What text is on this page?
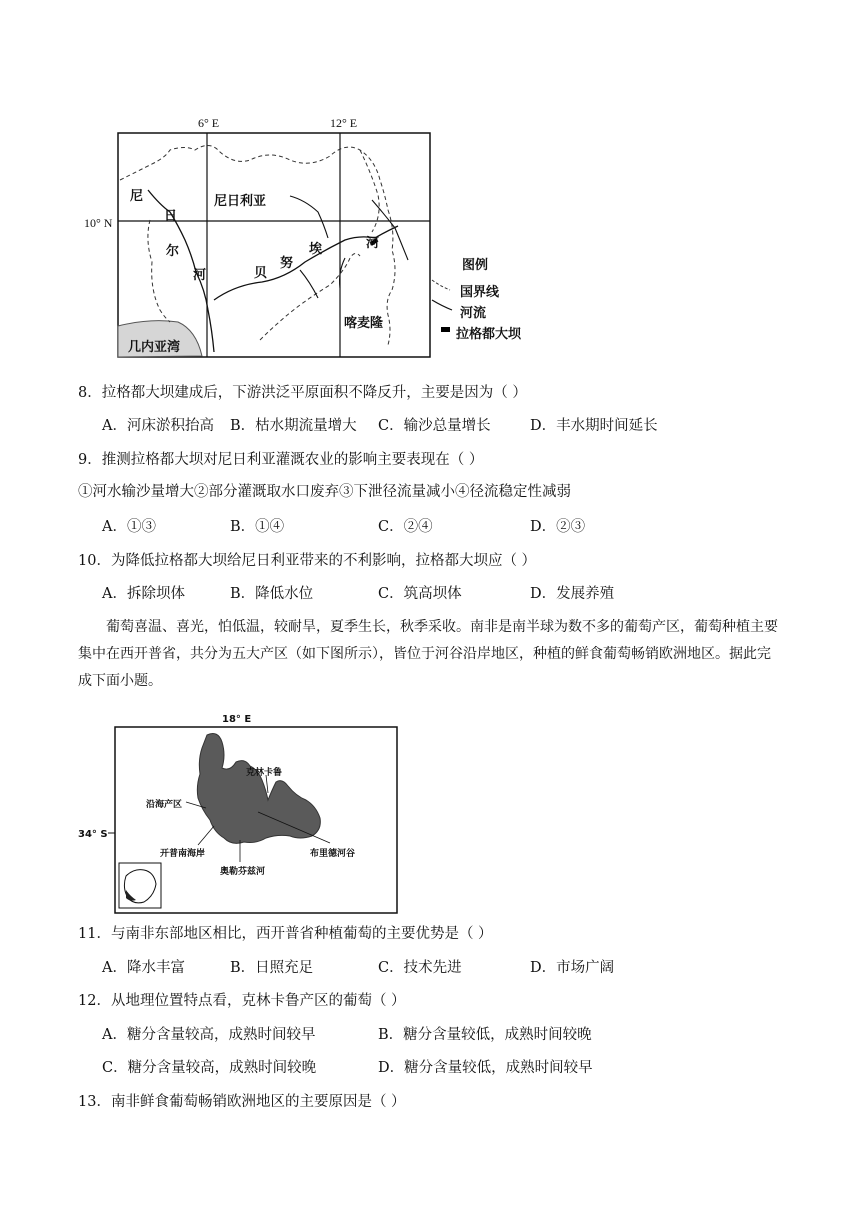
6° E	12° E
10° N
尼
日
尔
河
尼日利亚
贝
努
埃	河
喀麦隆
几内亚湾
图例
国界线
河流
拉格都大坝
8．拉格都大坝建成后，下游洪泛平原面积不降反升，主要是因为（ ）
A．河床淤积抬高 B．枯水期流量增大 C．输沙总量增长	D．丰水期时间延长
9．推测拉格都大坝对尼日利亚灌溉农业的影响主要表现在（ ）
①河水输沙量增大②部分灌溉取水口废弃③下泄径流量减小④径流稳定性减弱
A．①③	B．①④	C．②④	D．②③
10．为降低拉格都大坝给尼日利亚带来的不利影响，拉格都大坝应（ ）
A．拆除坝体	B．降低水位	C．筑高坝体	D．发展养殖
葡萄喜温、喜光，怕低温，较耐旱，夏季生长，秋季采收。南非是南半球为数不多的葡萄产区，葡萄种植主要集中在西开普省，共分为五大产区（如下图所示），皆位于河谷沿岸地区，种植的鲜食葡萄畅销欧洲地区。据此完成下面小题。
18° E
34° S
克林卡鲁
沿海产区
开普南海岸
奥勒芬兹河
布里德河谷
11．与南非东部地区相比，西开普省种植葡萄的主要优势是（ ）
A．降水丰富	B．日照充足	C．技术先进	D．市场广阔
12．从地理位置特点看，克林卡鲁产区的葡萄（ ）
A．糖分含量较高，成熟时间较早	B．糖分含量较低，成熟时间较晚
C．糖分含量较高，成熟时间较晚	D．糖分含量较低，成熟时间较早
13．南非鲜食葡萄畅销欧洲地区的主要原因是（ ）
